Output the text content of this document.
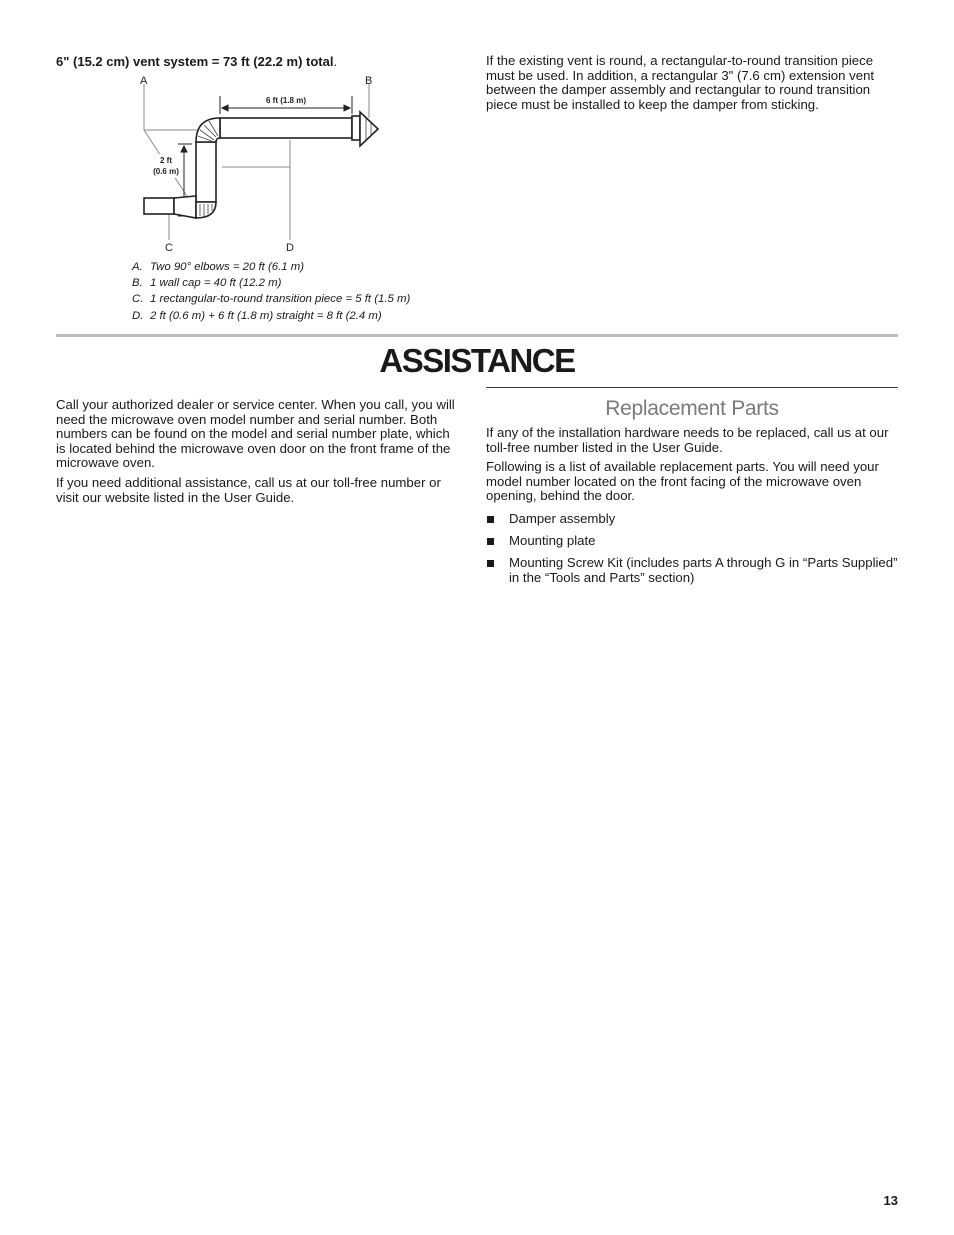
6" (15.2 cm) vent system = 73 ft (22.2 m) total.
A	B
C	D
6 ft (1.8 m)
2 ft
(0.6 m)
A. Two 90° elbows = 20 ft (6.1 m)
B. 1 wall cap = 40 ft (12.2 m)
C. 1 rectangular-to-round transition piece = 5 ft (1.5 m)
D. 2 ft (0.6 m) + 6 ft (1.8 m) straight = 8 ft (2.4 m)

If the existing vent is round, a rectangular-to-round transition piece must be used. In addition, a rectangular 3" (7.6 cm) extension vent between the damper assembly and rectangular to round transition piece must be installed to keep the damper from sticking.

ASSISTANCE

Call your authorized dealer or service center. When you call, you will need the microwave oven model number and serial number. Both numbers can be found on the model and serial number plate, which is located behind the microwave oven door on the front frame of the microwave oven.

If you need additional assistance, call us at our toll-free number or visit our website listed in the User Guide.

Replacement Parts

If any of the installation hardware needs to be replaced, call us at our toll-free number listed in the User Guide.

Following is a list of available replacement parts. You will need your model number located on the front facing of the microwave oven opening, behind the door.

Damper assembly
Mounting plate
Mounting Screw Kit (includes parts A through G in “Parts Supplied” in the “Tools and Parts” section)
13
